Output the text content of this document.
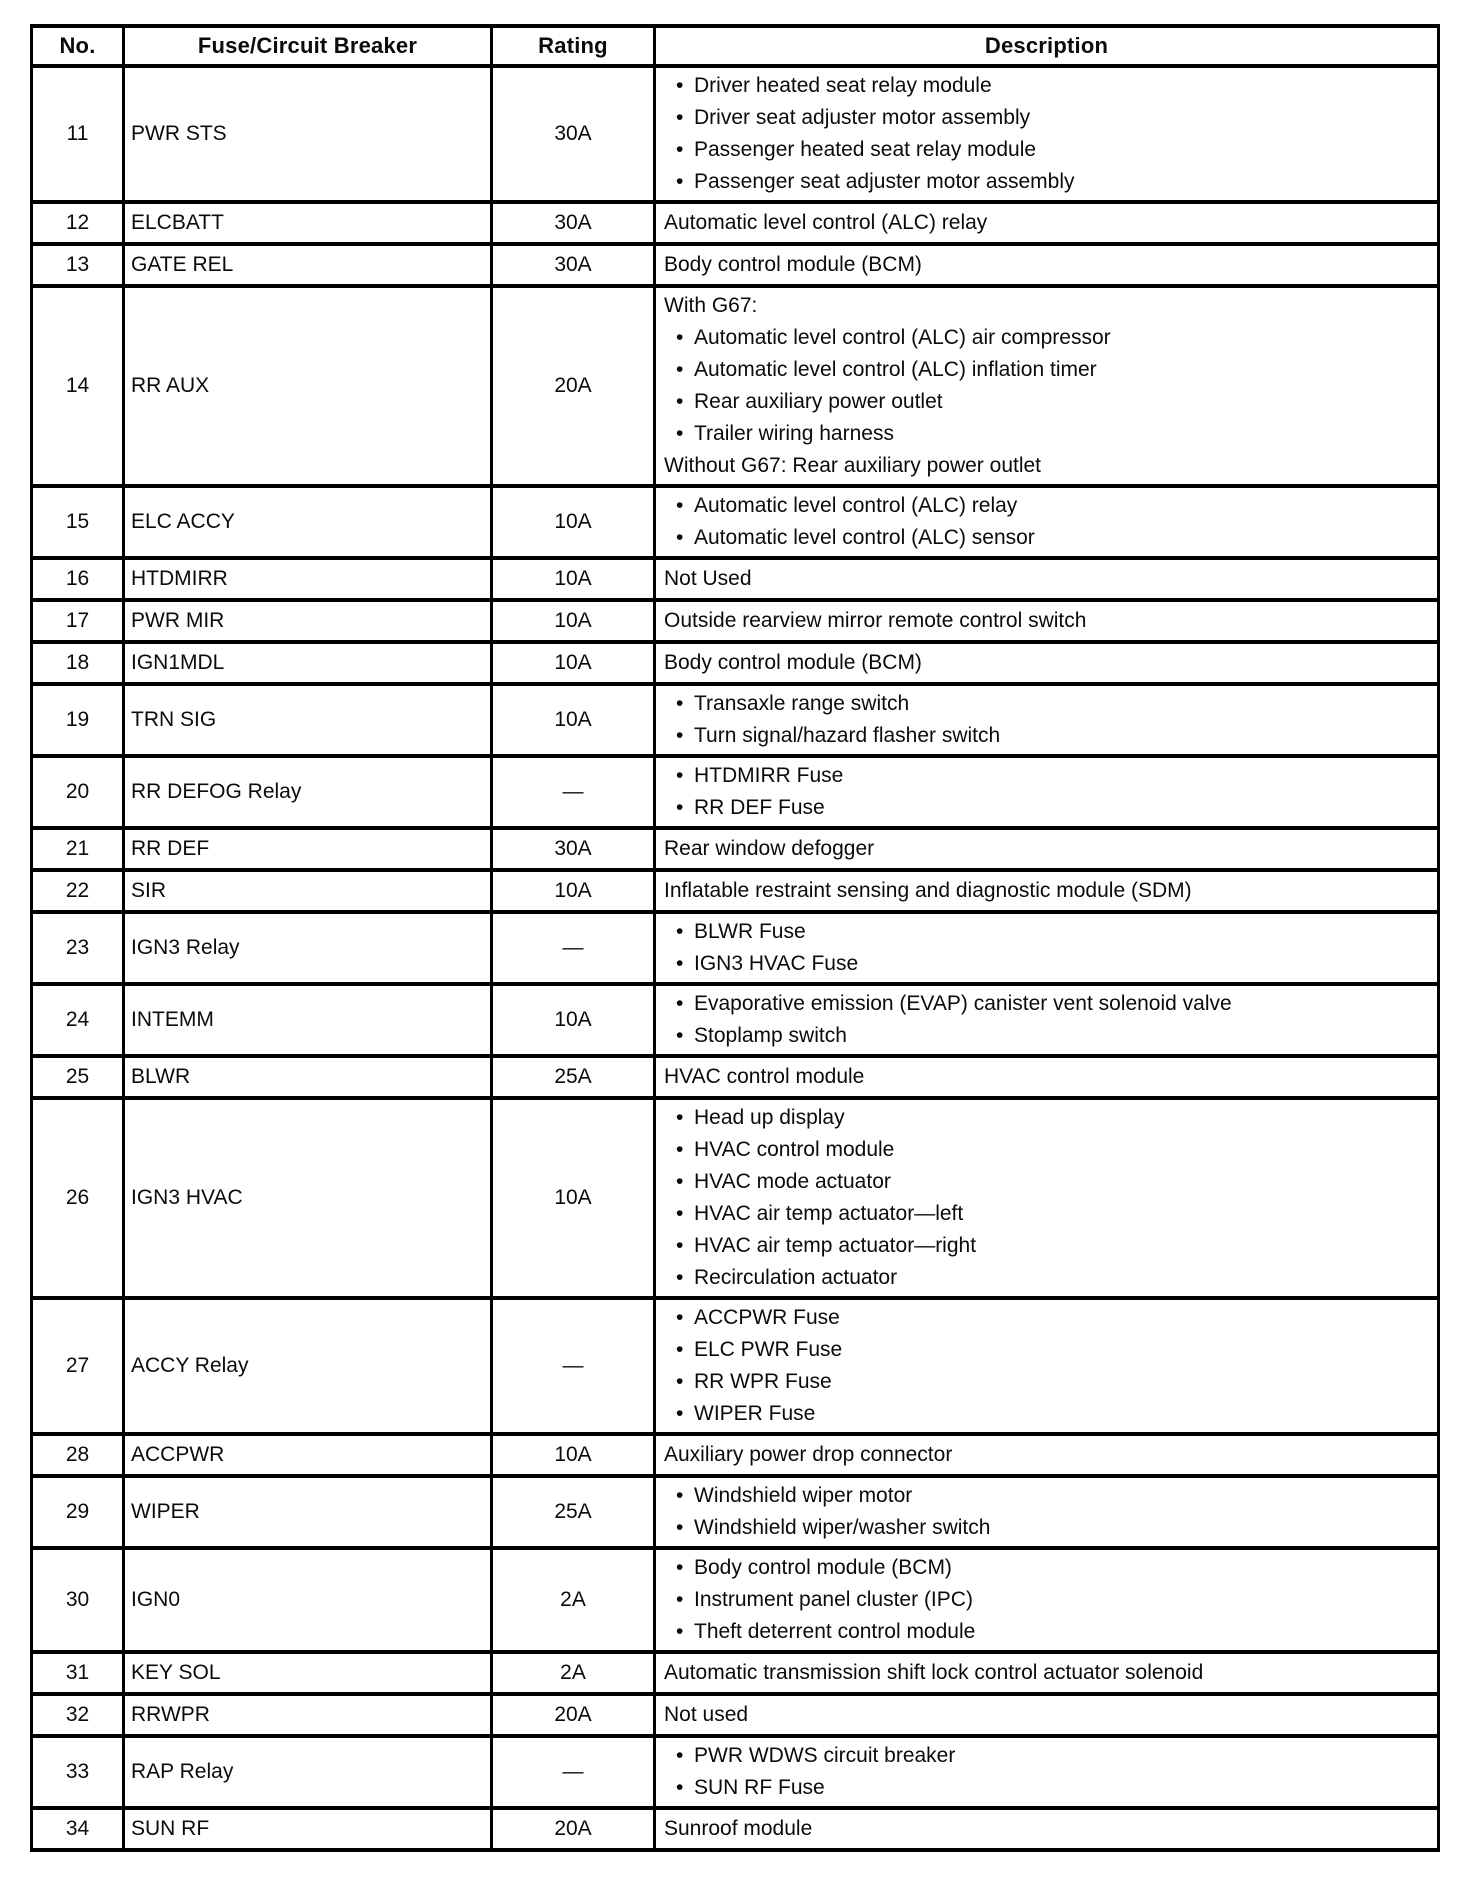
No.	Fuse/Circuit Breaker	Rating	Description
11	PWR STS	30A	• Driver heated seat relay module
• Driver seat adjuster motor assembly
• Passenger heated seat relay module
• Passenger seat adjuster motor assembly

12	ELCBATT	30A	Automatic level control (ALC) relay

13	GATE REL	30A	Body control module (BCM)

14	RR AUX	20A	
With G67:
• Automatic level control (ALC) air compressor
• Automatic level control (ALC) inflation timer
• Rear auxiliary power outlet
• Trailer wiring harness
Without G67: Rear auxiliary power outlet

15	ELC ACCY	10A	• Automatic level control (ALC) relay
• Automatic level control (ALC) sensor

16	HTDMIRR	10A	Not Used

17	PWR MIR	10A	Outside rearview mirror remote control switch

18	IGN1MDL	10A	Body control module (BCM)

19	TRN SIG	10A	• Transaxle range switch
• Turn signal/hazard flasher switch

20	RR DEFOG Relay	—	• HTDMIRR Fuse
• RR DEF Fuse

21	RR DEF	30A	Rear window defogger

22	SIR	10A	Inflatable restraint sensing and diagnostic module (SDM)

23	IGN3 Relay	—	• BLWR Fuse
• IGN3 HVAC Fuse

24	INTEMM	10A	• Evaporative emission (EVAP) canister vent solenoid valve
• Stoplamp switch

25	BLWR	25A	HVAC control module

26	IGN3 HVAC	10A	
• Head up display
• HVAC control module
• HVAC mode actuator
• HVAC air temp actuator—left
• HVAC air temp actuator—right
• Recirculation actuator

27	ACCY Relay	—	• ACCPWR Fuse
• ELC PWR Fuse
• RR WPR Fuse
• WIPER Fuse

28	ACCPWR	10A	Auxiliary power drop connector

29	WIPER	25A	• Windshield wiper motor
• Windshield wiper/washer switch

30	IGN0	2A	• Body control module (BCM)
• Instrument panel cluster (IPC)
• Theft deterrent control module

31	KEY SOL	2A	Automatic transmission shift lock control actuator solenoid

32	RRWPR	20A	Not used

33	RAP Relay	—	• PWR WDWS circuit breaker
• SUN RF Fuse

34	SUN RF	20A	Sunroof module
